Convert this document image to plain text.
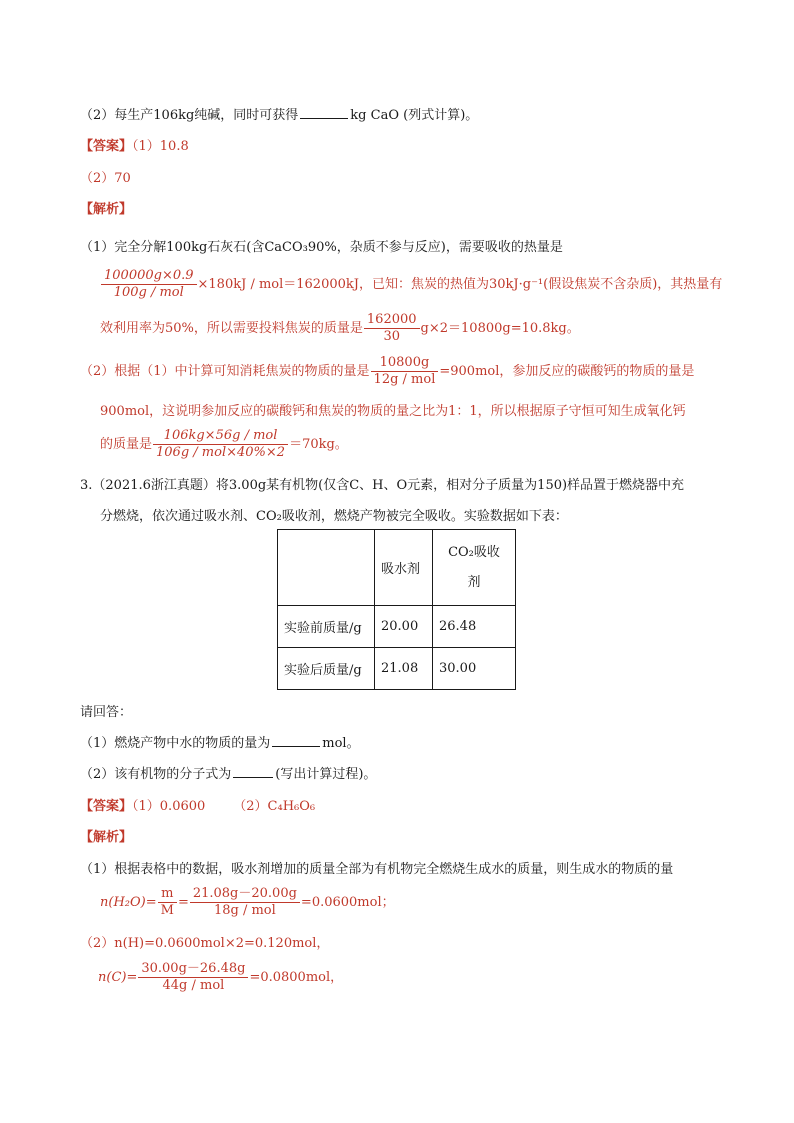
（2）每生产106kg纯碱，同时可获得	kg CaO (列式计算)。
【答案】（1）10.8
（2）70
【解析】
（1）完全分解100kg石灰石(含CaCO₃90%，杂质不参与反应)，需要吸收的热量是
$\frac{100000g\times 0.9}{\text{100g / mol}} \times 180kJ / mol=162000kJ$，已知：焦炭的热值为30kJ·g⁻¹(假设焦炭不含杂质)，其热量有
效利用率为50%，所以需要投料焦炭的质量是 $\frac{162000}{30} g\times 2=10800g=10.8kg$。
（2）根据（1）中计算可知消耗焦炭的物质的量是 $\frac{10800g}{\text{12g / mol}} =900mol$，参加反应的碳酸钙的物质的量是
900mol，这说明参加反应的碳酸钙和焦炭的物质的量之比为1：1，所以根据原子守恒可知生成氧化钙
的质量是 $\frac{\text{106kg×56g / mol}}{\text{106g / mol×40\%×2}} =70kg$。
3.（2021.6浙江真题）将3.00g某有机物(仅含C、H、O元素，相对分子质量为150)样品置于燃烧器中充
分燃烧，依次通过吸水剂、CO₂吸收剂，燃烧产物被完全吸收。实验数据如下表：
	吸水剂	CO₂吸收
剂

实验前质量/g	20.00	26.48
实验后质量/g	21.08	30.00
请回答：
（1）燃烧产物中水的物质的量为	mol。
（2）该有机物的分子式为	(写出计算过程)。
【答案】（1）0.0600 （2）C₄H₆O₆
【解析】
（1）根据表格中的数据，吸水剂增加的质量全部为有机物完全燃烧生成水的质量，则生成水的物质的量
$n(H_2O)= \frac{m}{M} = \frac{21.08g-20.00g}{\text{18g / mol}} =0.0600mol$；
（2）n(H)=0.0600mol×2=0.120mol，
$n(C)= \frac{30.00g-26.48g}{\text{44g / mol}} =0.0800mol$，
